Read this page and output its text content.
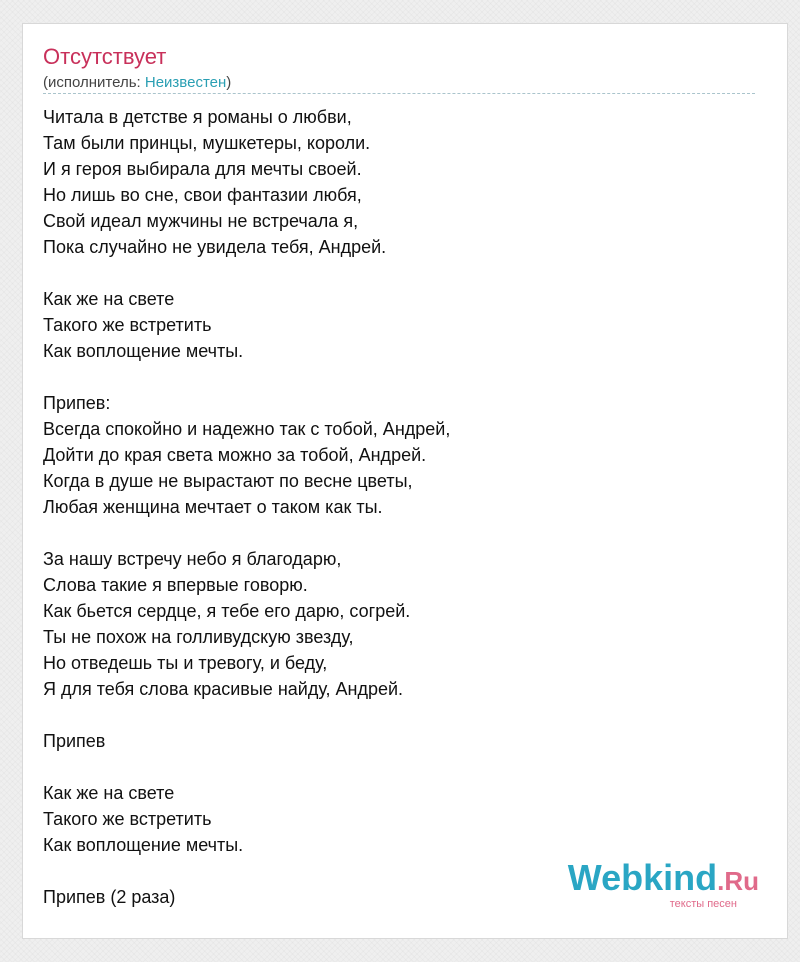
Отсутствует
(исполнитель: Неизвестен)
Читала в детстве я романы о любви,
Там были принцы, мушкетеры, короли.
И я героя выбирала для мечты своей.
Но лишь во сне, свои фантазии любя,
Свой идеал мужчины не встречала я,
Пока случайно не увидела тебя, Андрей.
Как же на свете
Такого же встретить
Как воплощение мечты.
Припев:
Всегда спокойно и надежно так с тобой, Андрей,
Дойти до края света можно за тобой, Андрей.
Когда в душе не вырастают по весне цветы,
Любая женщина мечтает о таком как ты.
За нашу встречу небо я благодарю,
Слова такие я впервые говорю.
Как бьется сердце, я тебе его дарю, согрей.
Ты не похож на голливудскую звезду,
Но отведешь ты и тревогу, и беду,
Я для тебя слова красивые найду, Андрей.
Припев
Как же на свете
Такого же встретить
Как воплощение мечты.
Припев (2 раза)	Webkind.Ru
тексты песен
